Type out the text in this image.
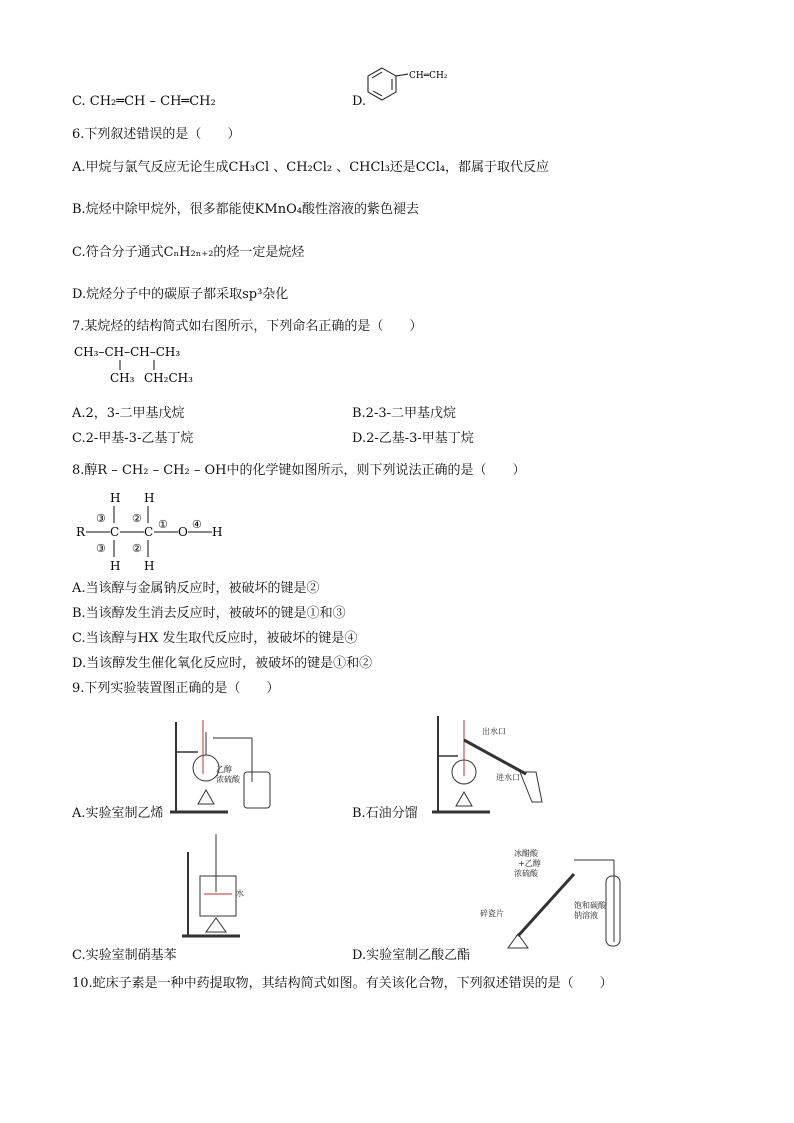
C. CH₂═CH – CH═CH₂	D.
CH═CH₂
6.下列叙述错误的是（　　）
A.甲烷与氯气反应无论生成CH₃Cl 、CH₂Cl₂ 、CHCl₃还是CCl₄，都属于取代反应
B.烷烃中除甲烷外，很多都能使KMnO₄酸性溶液的紫色褪去
C.符合分子通式CₙH₂ₙ₊₂的烃一定是烷烃
D.烷烃分子中的碳原子都采取sp³杂化
7.某烷烃的结构简式如右图所示，下列命名正确的是（　　）
CH₃–CH–CH–CH₃
CH₃ CH₂CH₃
A.2，3-二甲基戊烷	B.2-3-二甲基戊烷
C.2-甲基-3-乙基丁烷	D.2-乙基-3-甲基丁烷
8.醇R – CH₂ – CH₂ – OH中的化学键如图所示，则下列说法正确的是（　　）
R C C O H
H H
H H
③ ② ① ④
③ ②
A.当该醇与金属钠反应时，被破坏的键是②
B.当该醇发生消去反应时，被破坏的键是①和③
C.当该醇与HX 发生取代反应时，被破坏的键是④
D.当该醇发生催化氧化反应时，被破坏的键是①和②
9.下列实验装置图正确的是（　　）
乙醇
浓硫酸
A.实验室制乙烯
出水口
进水口
B.石油分馏
水
C.实验室制硝基苯
冰醋酸
+乙醇
浓硫酸
碎瓷片
饱和碳酸
钠溶液
D.实验室制乙酸乙酯
10.蛇床子素是一种中药提取物，其结构简式如图。有关该化合物，下列叙述错误的是（　　）
